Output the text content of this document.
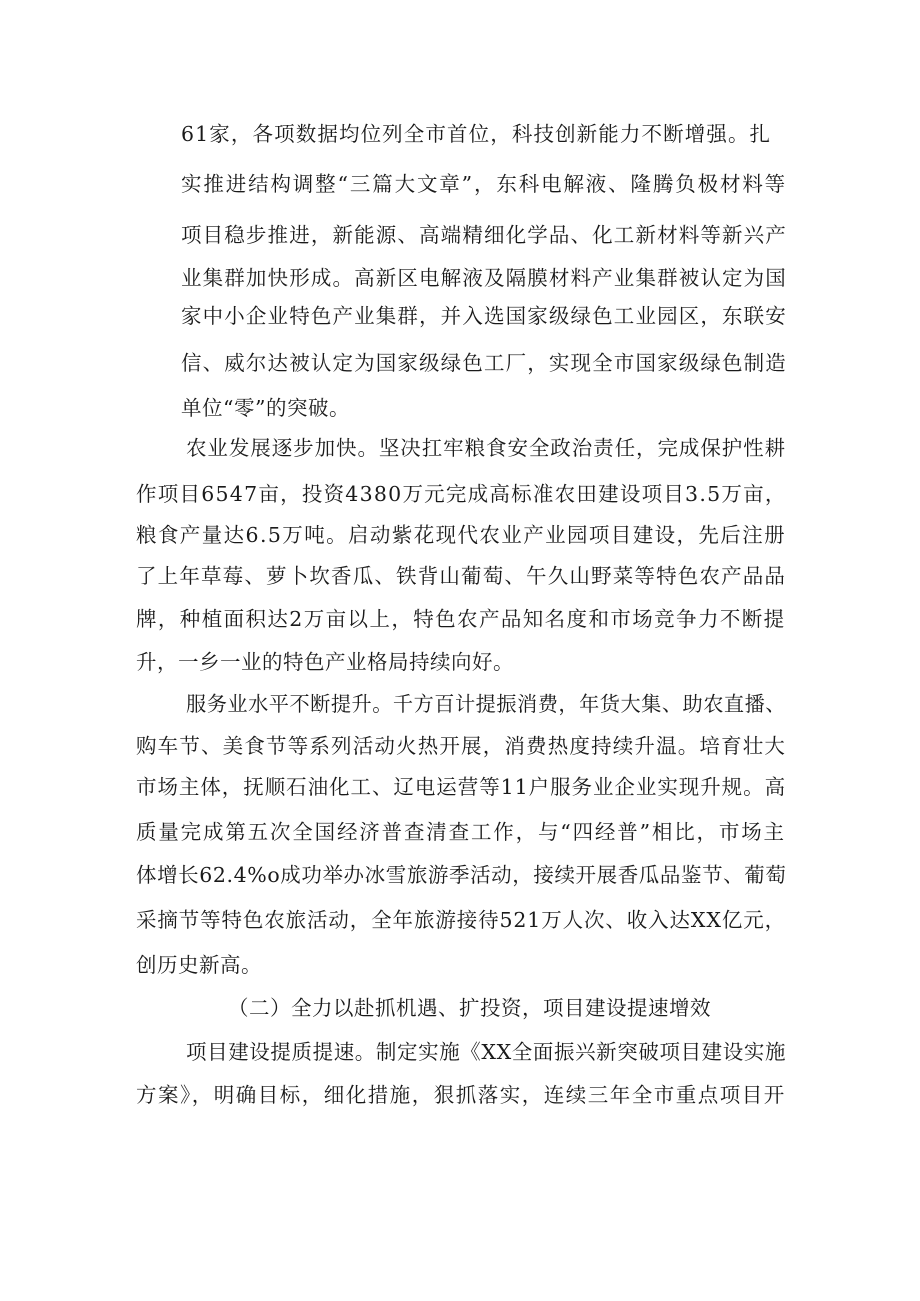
61家，各项数据均位列全市首位，科技创新能力不断增强。扎
实推进结构调整“三篇大文章”，东科电解液、隆腾负极材料等
项目稳步推进，新能源、高端精细化学品、化工新材料等新兴产
业集群加快形成。高新区电解液及隔膜材料产业集群被认定为国
家中小企业特色产业集群，并入选国家级绿色工业园区，东联安
信、威尔达被认定为国家级绿色工厂，实现全市国家级绿色制造
单位“零”的突破。
农业发展逐步加快。坚决扛牢粮食安全政治责任，完成保护性耕
作项目6547亩，投资4380万元完成高标准农田建设项目3.5万亩，
粮食产量达6.5万吨。启动紫花现代农业产业园项目建设，先后注册
了上年草莓、萝卜坎香瓜、铁背山葡萄、午久山野菜等特色农产品品
牌，种植面积达2万亩以上，特色农产品知名度和市场竞争力不断提
升，一乡一业的特色产业格局持续向好。
服务业水平不断提升。千方百计提振消费，年货大集、助农直播、
购车节、美食节等系列活动火热开展，消费热度持续升温。培育壮大
市场主体，抚顺石油化工、辽电运营等11户服务业企业实现升规。高
质量完成第五次全国经济普查清查工作，与“四经普”相比，市场主
体增长62.4%o成功举办冰雪旅游季活动，接续开展香瓜品鉴节、葡萄
采摘节等特色农旅活动，全年旅游接待521万人次、收入达XX亿元，
创历史新高。
（二）全力以赴抓机遇、扩投资，项目建设提速增效
项目建设提质提速。制定实施《XX全面振兴新突破项目建设实施
方案》，明确目标，细化措施，狠抓落实，连续三年全市重点项目开
